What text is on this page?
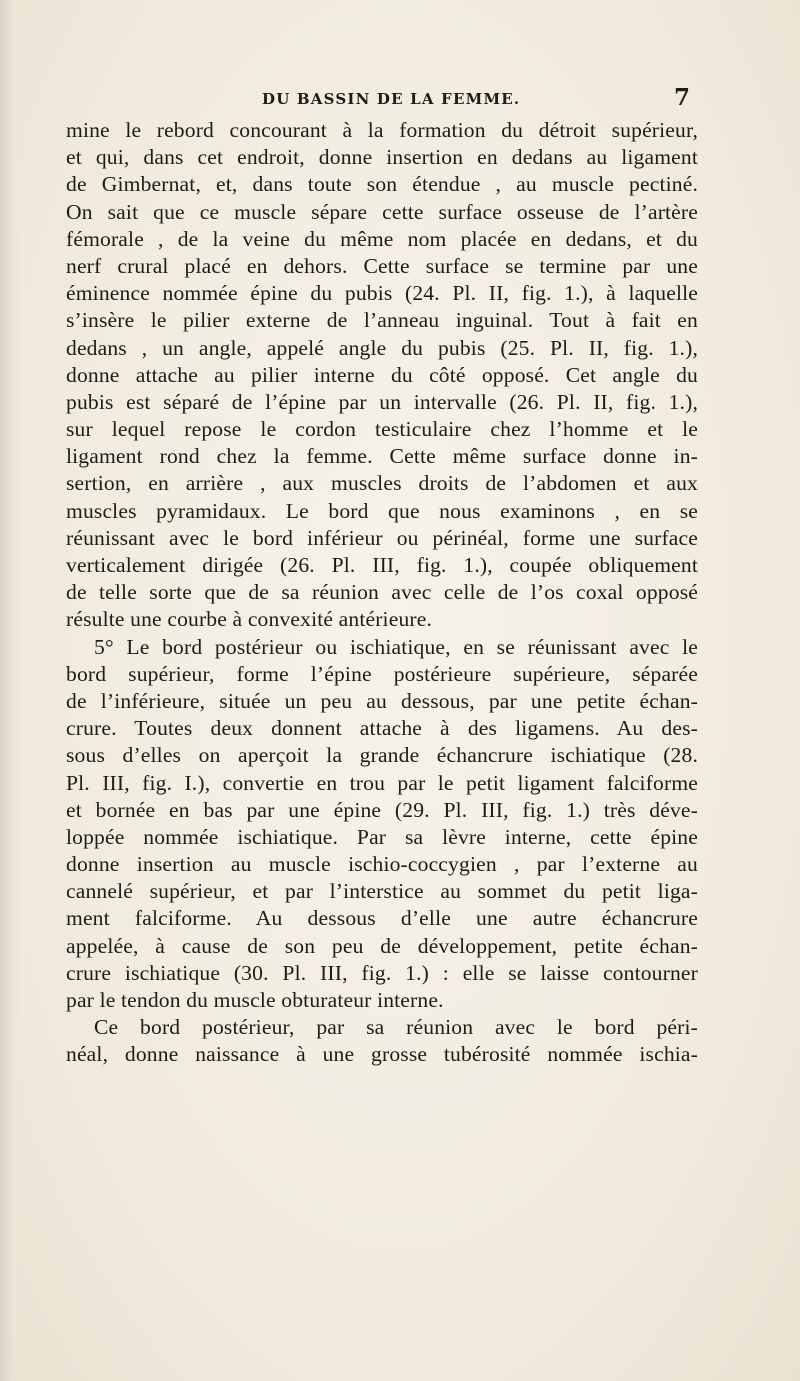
DU BASSIN DE LA FEMME.	7
mine le rebord concourant à la formation du détroit supérieur,
et qui, dans cet endroit, donne insertion en dedans au ligament
de Gimbernat, et, dans toute son étendue , au muscle pectiné.
On sait que ce muscle sépare cette surface osseuse de l’artère
fémorale , de la veine du même nom placée en dedans, et du
nerf crural placé en dehors. Cette surface se termine par une
éminence nommée épine du pubis (24. Pl. II, fig. 1.), à laquelle
s’insère le pilier externe de l’anneau inguinal. Tout à fait en
dedans , un angle, appelé angle du pubis (25. Pl. II, fig. 1.),
donne attache au pilier interne du côté opposé. Cet angle du
pubis est séparé de l’épine par un intervalle (26. Pl. II, fig. 1.),
sur lequel repose le cordon testiculaire chez l’homme et le
ligament rond chez la femme. Cette même surface donne in-
sertion, en arrière , aux muscles droits de l’abdomen et aux
muscles pyramidaux. Le bord que nous examinons , en se
réunissant avec le bord inférieur ou périnéal, forme une surface
verticalement dirigée (26. Pl. III, fig. 1.), coupée obliquement
de telle sorte que de sa réunion avec celle de l’os coxal opposé
résulte une courbe à convexité antérieure.
5° Le bord postérieur ou ischiatique, en se réunissant avec le
bord supérieur, forme l’épine postérieure supérieure, séparée
de l’inférieure, située un peu au dessous, par une petite échan-
crure. Toutes deux donnent attache à des ligamens. Au des-
sous d’elles on aperçoit la grande échancrure ischiatique (28.
Pl. III, fig. I.), convertie en trou par le petit ligament falciforme
et bornée en bas par une épine (29. Pl. III, fig. 1.) très déve-
loppée nommée ischiatique. Par sa lèvre interne, cette épine
donne insertion au muscle ischio-coccygien , par l’externe au
cannelé supérieur, et par l’interstice au sommet du petit liga-
ment falciforme. Au dessous d’elle une autre échancrure
appelée, à cause de son peu de développement, petite échan-
crure ischiatique (30. Pl. III, fig. 1.) : elle se laisse contourner
par le tendon du muscle obturateur interne.
Ce bord postérieur, par sa réunion avec le bord péri-
néal, donne naissance à une grosse tubérosité nommée ischia-
